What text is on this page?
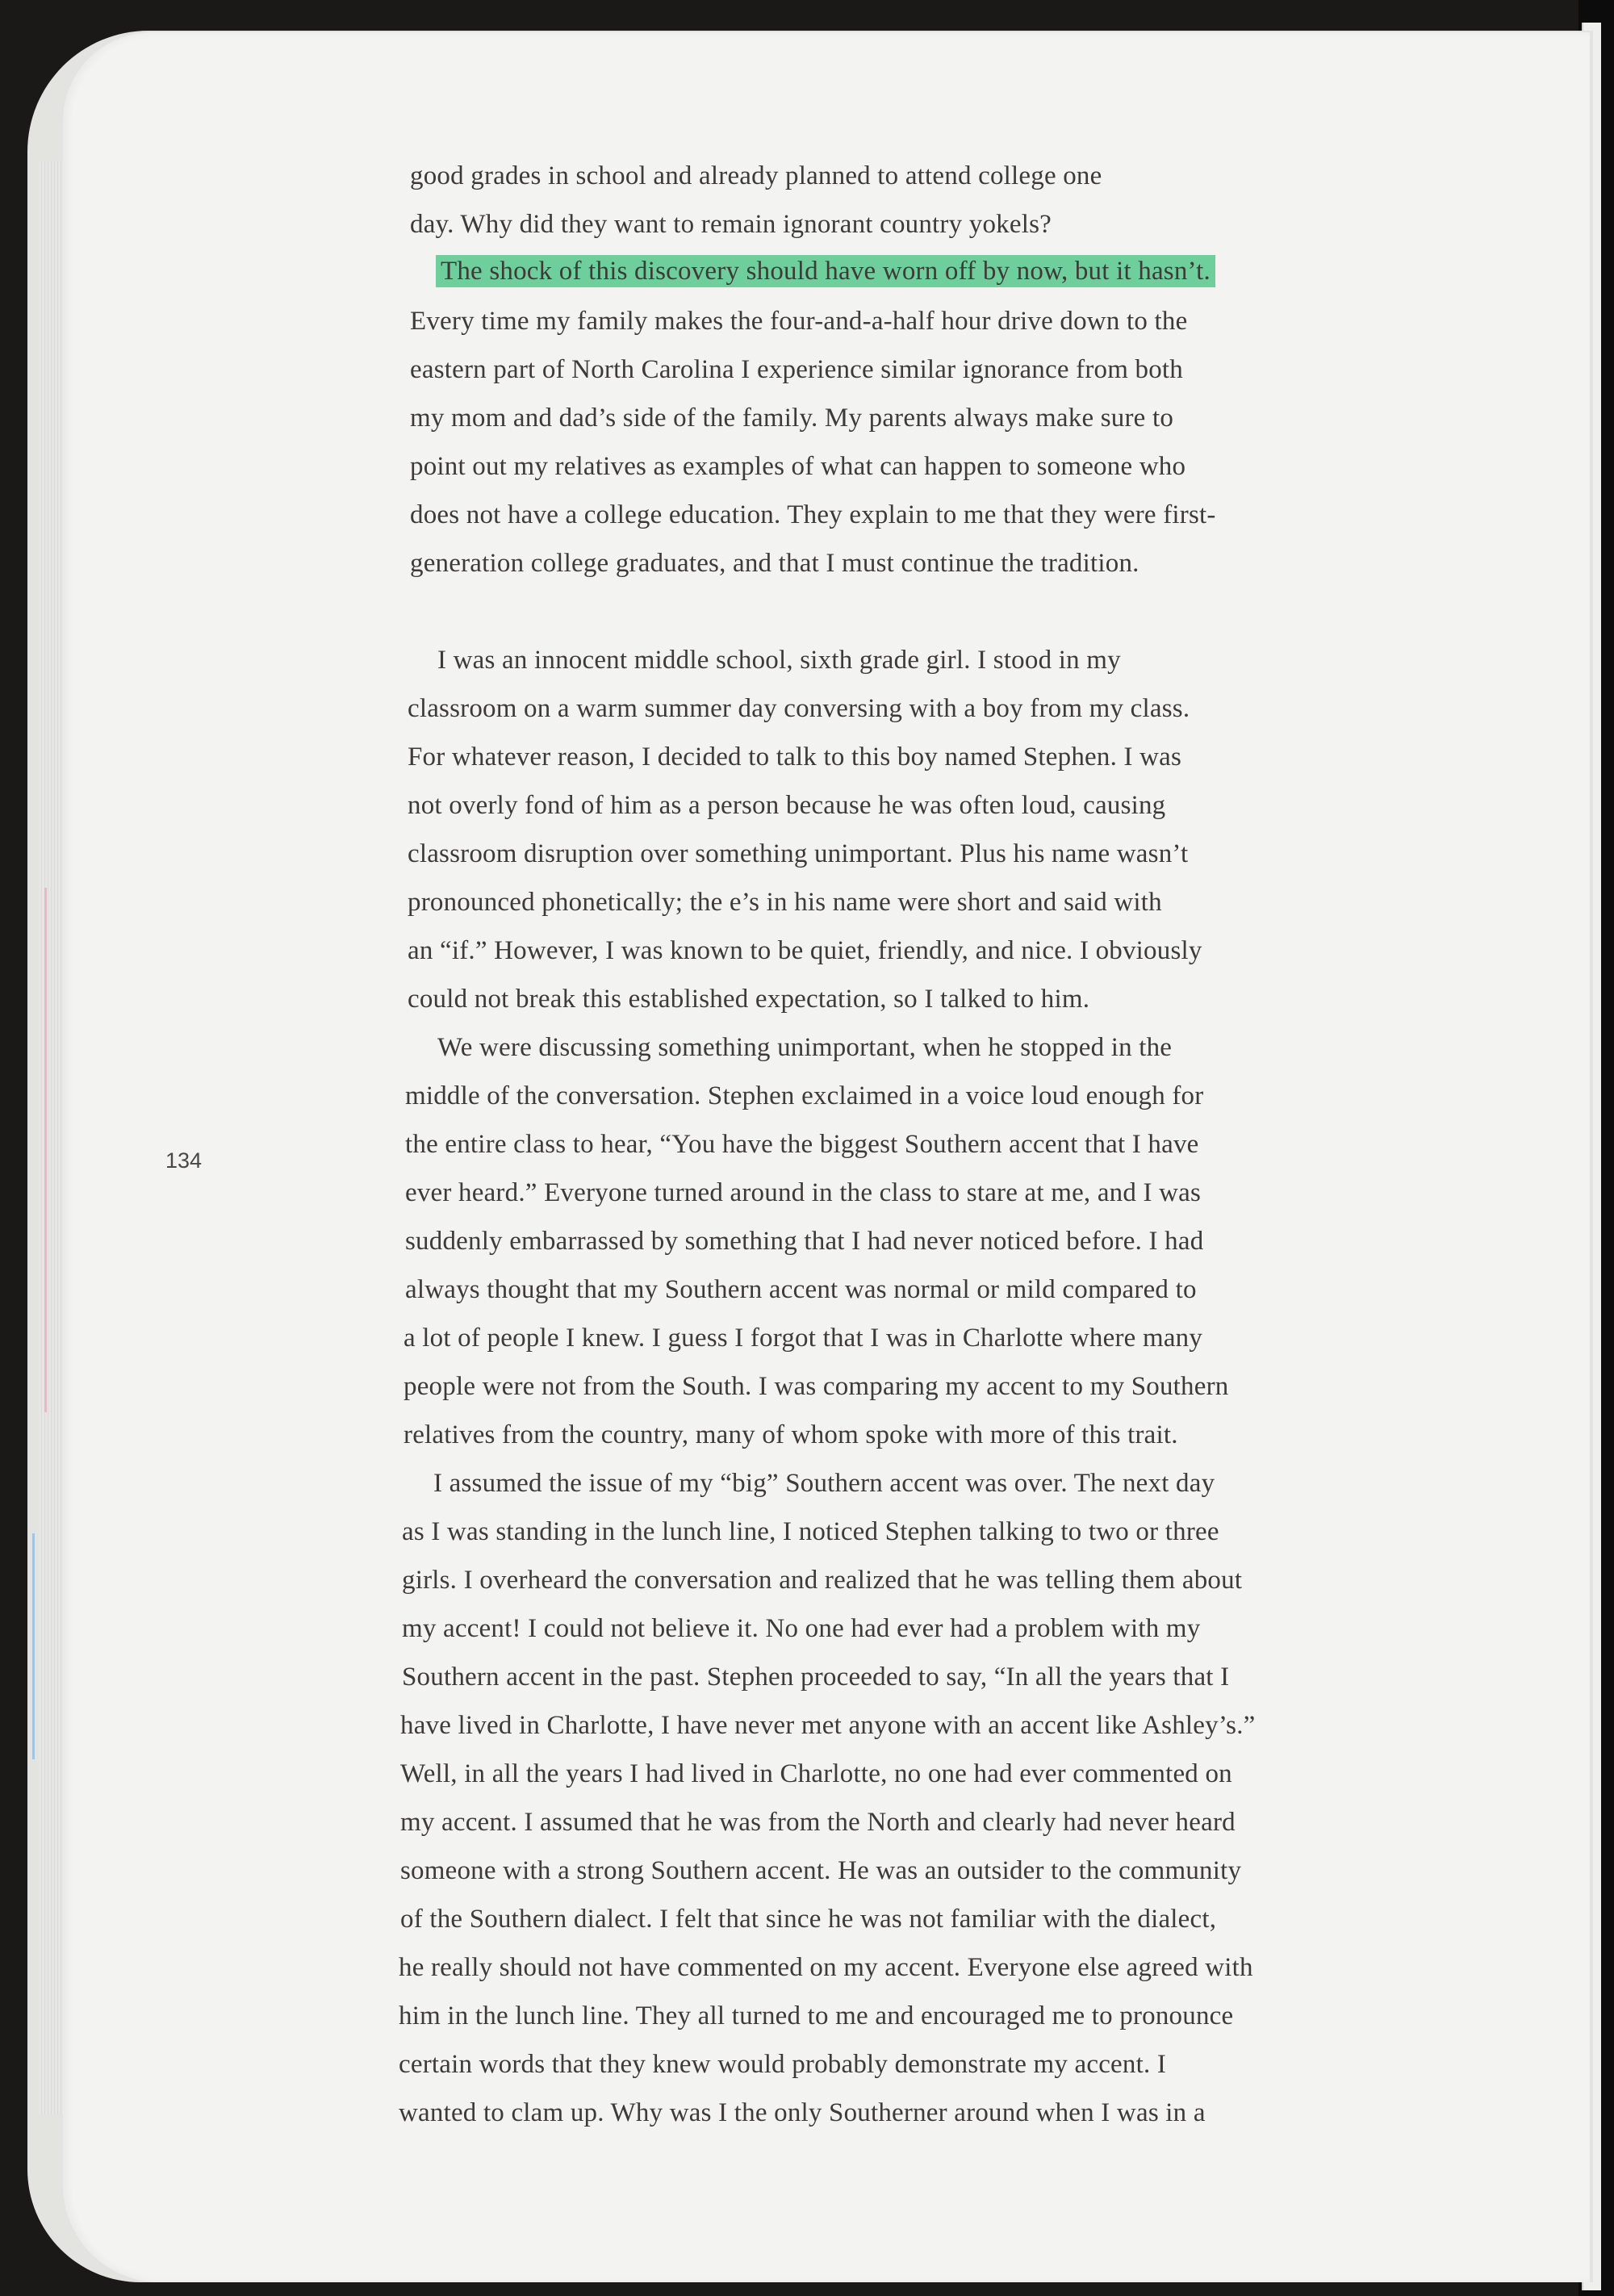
134
good grades in school and already planned to attend college one
day. Why did they want to remain ignorant country yokels?
The shock of this discovery should have worn off by now, but it hasn’t.
Every time my family makes the four-and-a-half hour drive down to the
eastern part of North Carolina I experience similar ignorance from both
my mom and dad’s side of the family. My parents always make sure to
point out my relatives as examples of what can happen to someone who
does not have a college education. They explain to me that they were first-
generation college graduates, and that I must continue the tradition.
I was an innocent middle school, sixth grade girl. I stood in my
classroom on a warm summer day conversing with a boy from my class.
For whatever reason, I decided to talk to this boy named Stephen. I was
not overly fond of him as a person because he was often loud, causing
classroom disruption over something unimportant. Plus his name wasn’t
pronounced phonetically; the e’s in his name were short and said with
an “if.” However, I was known to be quiet, friendly, and nice. I obviously
could not break this established expectation, so I talked to him.
We were discussing something unimportant, when he stopped in the
middle of the conversation. Stephen exclaimed in a voice loud enough for
the entire class to hear, “You have the biggest Southern accent that I have
ever heard.” Everyone turned around in the class to stare at me, and I was
suddenly embarrassed by something that I had never noticed before. I had
always thought that my Southern accent was normal or mild compared to
a lot of people I knew. I guess I forgot that I was in Charlotte where many
people were not from the South. I was comparing my accent to my Southern
relatives from the country, many of whom spoke with more of this trait.
I assumed the issue of my “big” Southern accent was over. The next day
as I was standing in the lunch line, I noticed Stephen talking to two or three
girls. I overheard the conversation and realized that he was telling them about
my accent! I could not believe it. No one had ever had a problem with my
Southern accent in the past. Stephen proceeded to say, “In all the years that I
have lived in Charlotte, I have never met anyone with an accent like Ashley’s.”
Well, in all the years I had lived in Charlotte, no one had ever commented on
my accent. I assumed that he was from the North and clearly had never heard
someone with a strong Southern accent. He was an outsider to the community
of the Southern dialect. I felt that since he was not familiar with the dialect,
he really should not have commented on my accent. Everyone else agreed with
him in the lunch line. They all turned to me and encouraged me to pronounce
certain words that they knew would probably demonstrate my accent. I
wanted to clam up. Why was I the only Southerner around when I was in a
